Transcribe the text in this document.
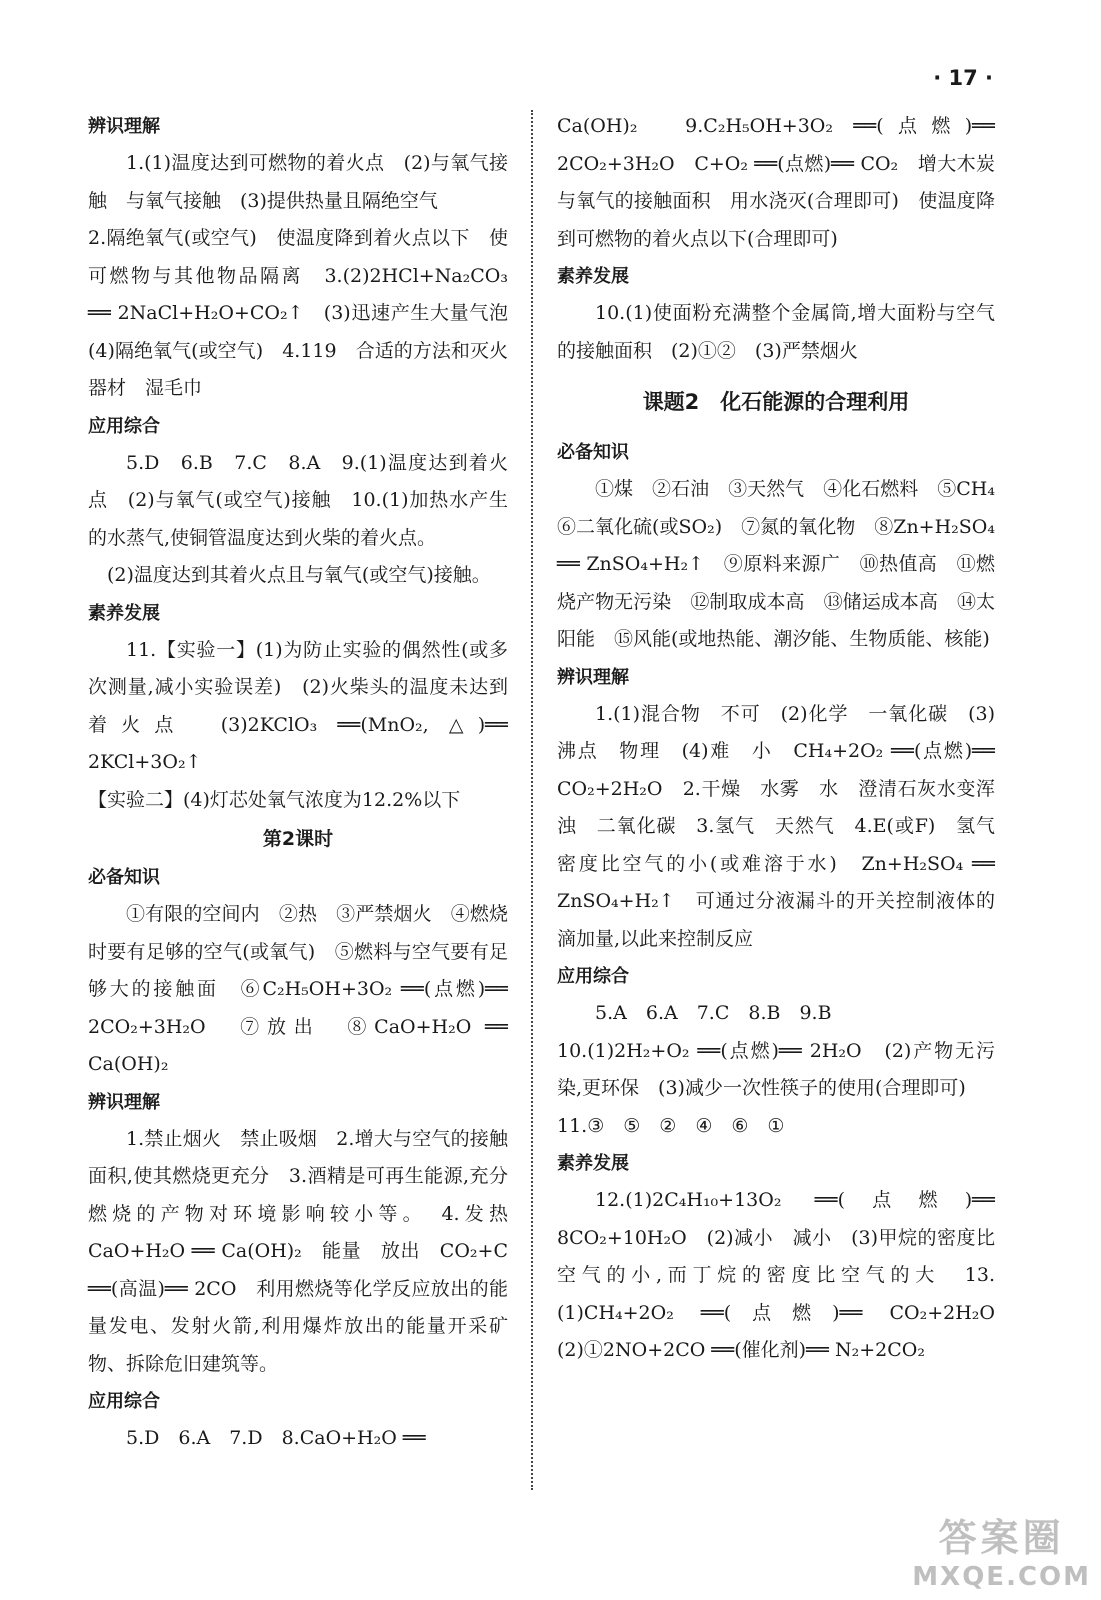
· 17 ·
辨识理解

1.(1)温度达到可燃物的着火点　(2)与氧气接触　与氧气接触　(3)提供热量且隔绝空气

2.隔绝氧气(或空气)　使温度降到着火点以下　使可燃物与其他物品隔离　3.(2)2HCl+Na₂CO₃ ══ 2NaCl+H₂O+CO₂↑　(3)迅速产生大量气泡　(4)隔绝氧气(或空气)　4.119　合适的方法和灭火器材　湿毛巾

应用综合

5.D　6.B　7.C　8.A　9.(1)温度达到着火点　(2)与氧气(或空气)接触　10.(1)加热水产生的水蒸气,使铜管温度达到火柴的着火点。

(2)温度达到其着火点且与氧气(或空气)接触。

素养发展

11.【实验一】(1)为防止实验的偶然性(或多次测量,减小实验误差)　(2)火柴头的温度未达到着火点　(3)2KClO₃ ══(MnO₂, △)══ 2KCl+3O₂↑

【实验二】(4)灯芯处氧气浓度为12.2%以下

第2课时
必备知识

①有限的空间内　②热　③严禁烟火　④燃烧时要有足够的空气(或氧气)　⑤燃料与空气要有足够大的接触面　⑥C₂H₅OH+3O₂ ══(点燃)══ 2CO₂+3H₂O　⑦放出　⑧CaO+H₂O ══ Ca(OH)₂

辨识理解

1.禁止烟火　禁止吸烟　2.增大与空气的接触面积,使其燃烧更充分　3.酒精是可再生能源,充分燃烧的产物对环境影响较小等。　4.发热　CaO+H₂O ══ Ca(OH)₂　能量　放出　CO₂+C ══(高温)══ 2CO　利用燃烧等化学反应放出的能量发电、发射火箭,利用爆炸放出的能量开采矿物、拆除危旧建筑等。

应用综合

5.D　6.A　7.D　8.CaO+H₂O ══

Ca(OH)₂　9.C₂H₅OH+3O₂ ══(点燃)══ 2CO₂+3H₂O　C+O₂ ══(点燃)══ CO₂　增大木炭与氧气的接触面积　用水浇灭(合理即可)　使温度降到可燃物的着火点以下(合理即可)

素养发展

10.(1)使面粉充满整个金属筒,增大面粉与空气的接触面积　(2)①②　(3)严禁烟火

课题2　化石能源的合理利用
必备知识

①煤　②石油　③天然气　④化石燃料　⑤CH₄　⑥二氧化硫(或SO₂)　⑦氮的氧化物　⑧Zn+H₂SO₄ ══ ZnSO₄+H₂↑　⑨原料来源广　⑩热值高　⑪燃烧产物无污染　⑫制取成本高　⑬储运成本高　⑭太阳能　⑮风能(或地热能、潮汐能、生物质能、核能)

辨识理解

1.(1)混合物　不可　(2)化学　一氧化碳　(3)沸点　物理　(4)难　小　CH₄+2O₂ ══(点燃)══ CO₂+2H₂O　2.干燥　水雾　水　澄清石灰水变浑浊　二氧化碳　3.氢气　天然气　4.E(或F)　氢气密度比空气的小(或难溶于水)　Zn+H₂SO₄ ══ ZnSO₄+H₂↑　可通过分液漏斗的开关控制液体的滴加量,以此来控制反应

应用综合

5.A　6.A　7.C　8.B　9.B

10.(1)2H₂+O₂ ══(点燃)══ 2H₂O　(2)产物无污染,更环保　(3)减少一次性筷子的使用(合理即可)

11.③　⑤　②　④　⑥　①

素养发展

12.(1)2C₄H₁₀+13O₂ ══(点燃)══ 8CO₂+10H₂O　(2)减小　减小　(3)甲烷的密度比空气的小,而丁烷的密度比空气的大　13.(1)CH₄+2O₂ ══(点燃)══ CO₂+2H₂O　(2)①2NO+2CO ══(催化剂)══ N₂+2CO₂

答案圈
MXQE.COM
